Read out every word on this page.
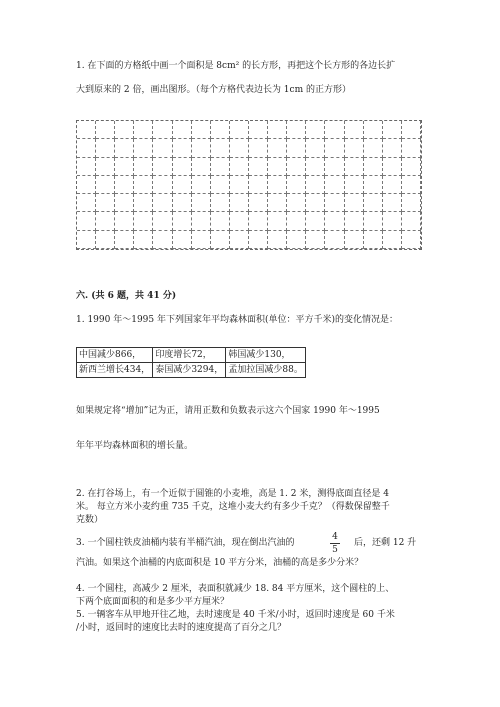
1. 在下面的方格纸中画一个面积是 8cm² 的长方形，再把这个长方形的各边长扩
大到原来的 2 倍，画出图形。（每个方格代表边长为 1cm 的正方形）
六. (共 6 题，共 41 分)
1. 1990 年～1995 年下列国家年平均森林面积(单位：平方千米)的变化情况是：
中国减少866，	印度增长72，	韩国减少130，
新西兰增长434，	泰国减少3294，	孟加拉国减少88。
如果规定将“增加”记为正，请用正数和负数表示这六个国家 1990 年～1995
年年平均森林面积的增长量。
2. 在打谷场上，有一个近似于圆锥的小麦堆，高是 1. 2 米，测得底面直径是 4
米。 每立方米小麦约重 735 千克，这堆小麦大约有多少千克？（得数保留整千
克数）
3. 一个圆柱铁皮油桶内装有半桶汽油，现在倒出汽油的
4
5
后，还剩 12 升
汽油。如果这个油桶的内底面积是 10 平方分米，油桶的高是多少分米？
4. 一个圆柱，高减少 2 厘米，表面积就减少 18. 84 平方厘米，这个圆柱的上、
下两个底面面积的和是多少平方厘米？
5. 一辆客车从甲地开往乙地，去时速度是 40 千米/小时，返回时速度是 60 千米
/小时，返回时的速度比去时的速度提高了百分之几？
